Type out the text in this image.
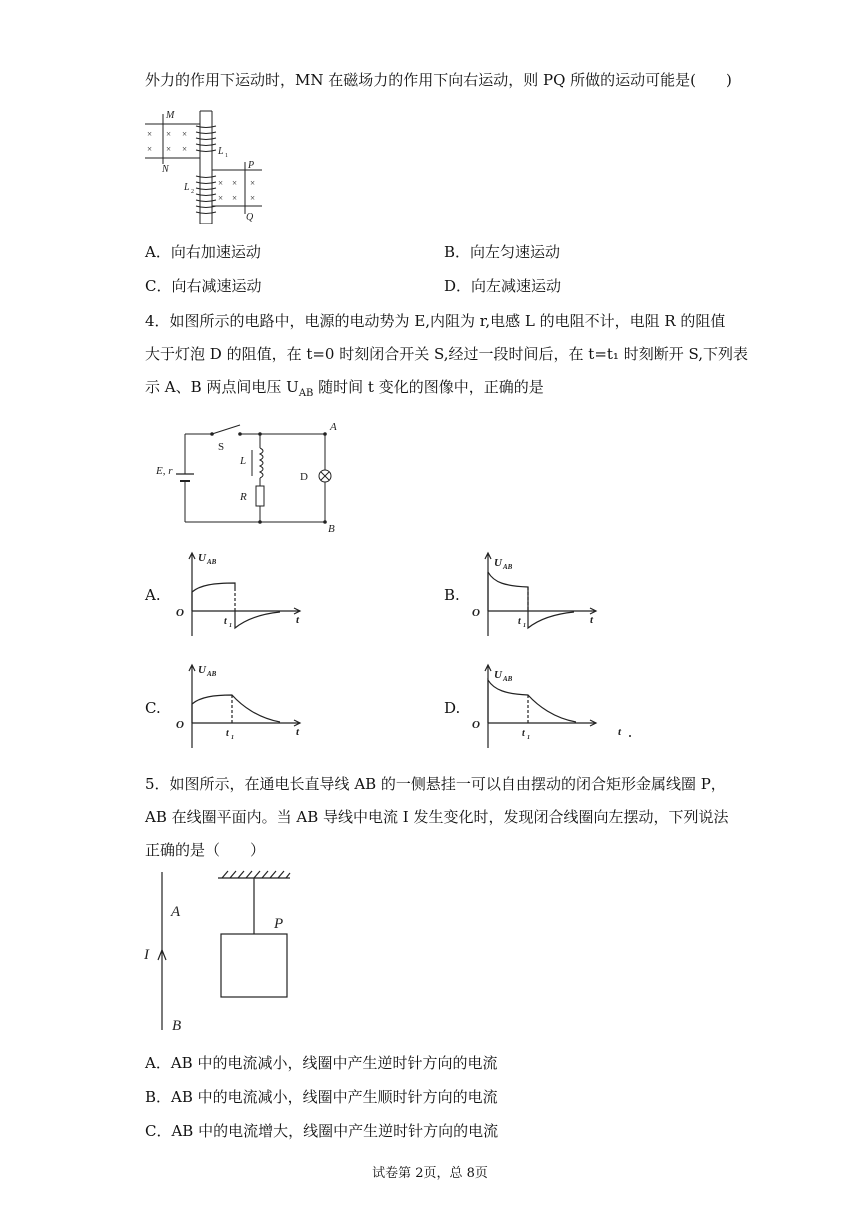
外力的作用下运动时，MN 在磁场力的作用下向右运动，则 PQ 所做的运动可能是(　　)
× × ×
× × ×
× × ×
× × ×
M
N	P
Q
L 1
L 2
A．向右加速运动	B．向左匀速运动
C．向右减速运动	D．向左减速运动
4．如图所示的电路中，电源的电动势为 E,内阻为 r,电感 L 的电阻不计，电阻 R 的阻值
大于灯泡 D 的阻值，在 t=0 时刻闭合开关 S,经过一段时间后，在 t=t₁ 时刻断开 S,下列表
示 A、B 两点间电压 $U_{AB}$ 随时间 t 变化的图像中，正确的是
E, r
S
L
R
D
A
B
A.	B.
C.	D.
U AB
O
t
t 1
U AB
O
t
t 1
U AB
O
t
t 1
U AB
O
t
t 1
5．如图所示，在通电长直导线 AB 的一侧悬挂一可以自由摆动的闭合矩形金属线圈 P，
AB 在线圈平面内。当 AB 导线中电流 I 发生变化时，发现闭合线圈向左摆动，下列说法
正确的是（　　）
A
I
B
P
A．AB 中的电流减小，线圈中产生逆时针方向的电流
B．AB 中的电流减小，线圈中产生顺时针方向的电流
C．AB 中的电流增大，线圈中产生逆时针方向的电流
试卷第 2页，总 8页
